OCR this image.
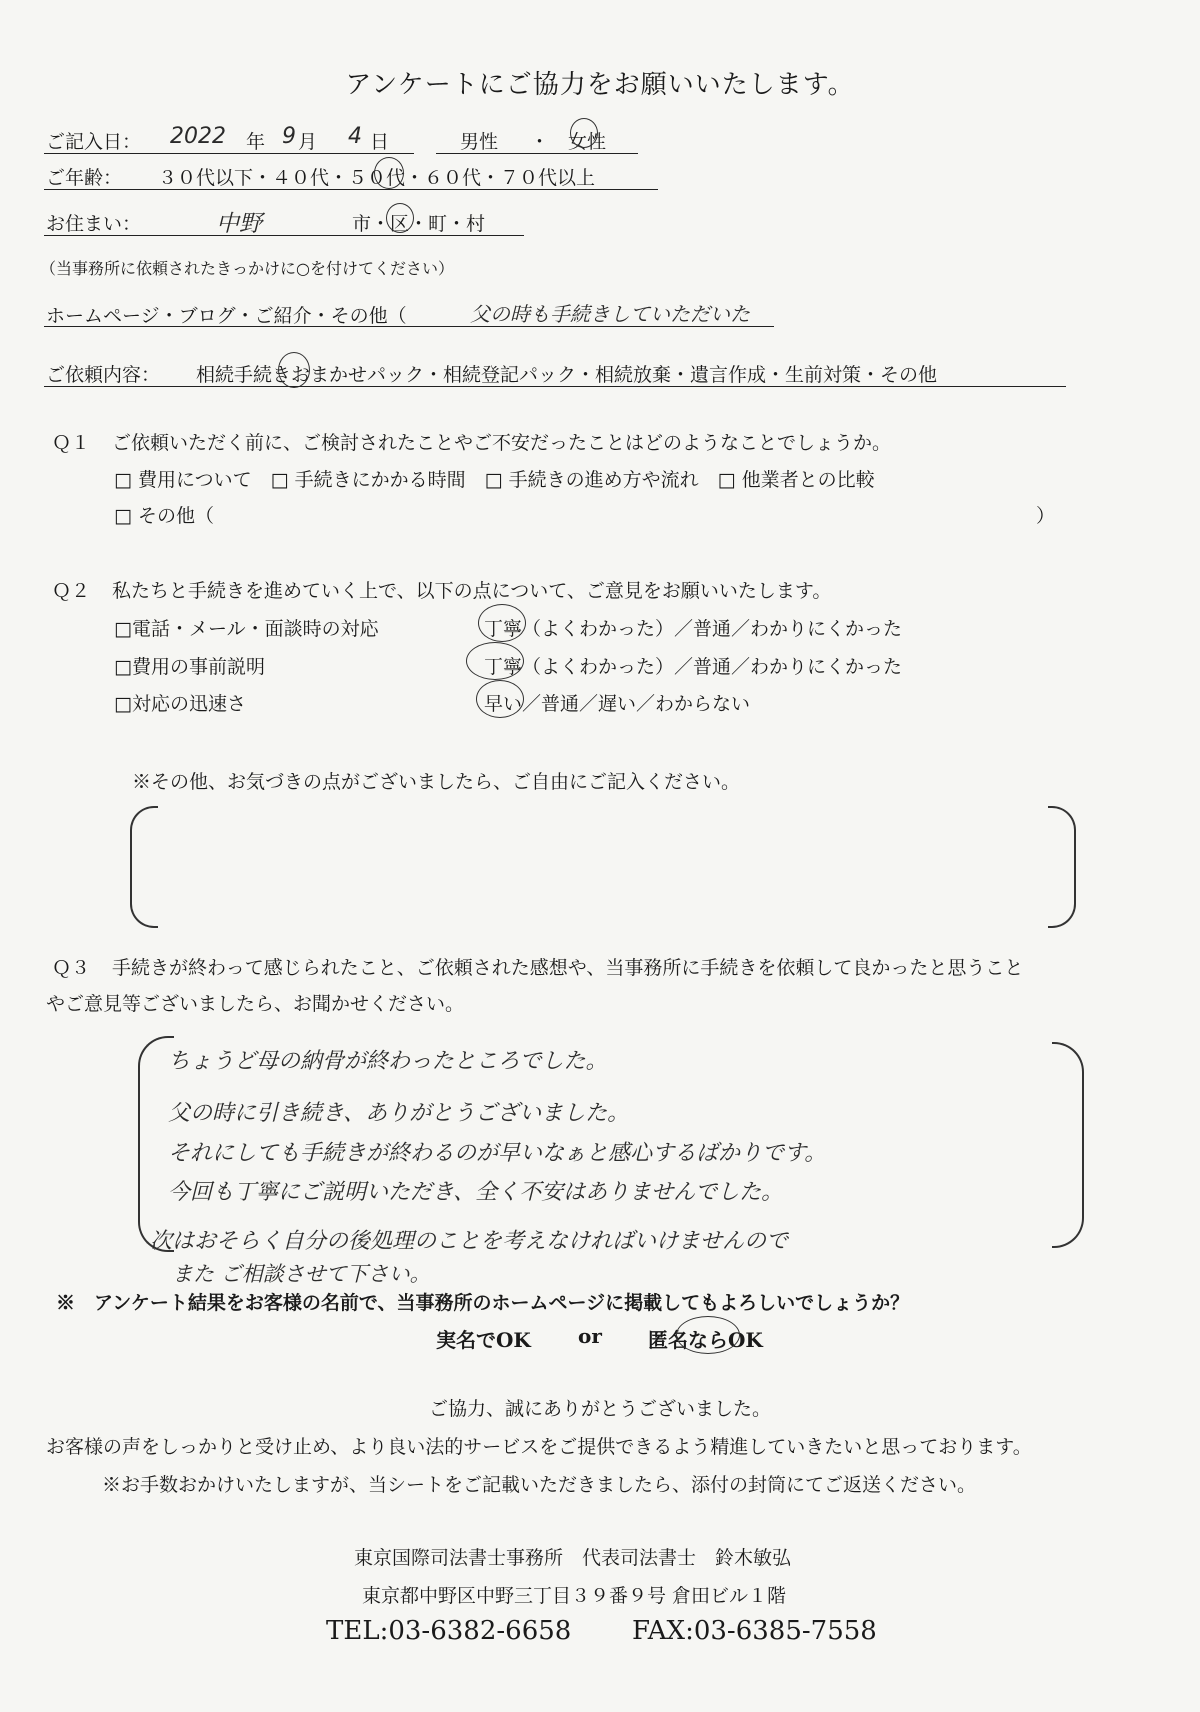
アンケートにご協力をお願いいたします。
ご記入日： 2022 年 9 月 4 日	男性 ・ 女性
ご年齢： ３０代以下・４０代・５０代・６０代・７０代以上
お住まい：	中野	市・区・町・村
（当事務所に依頼されたきっかけに○を付けてください）
ホームページ・ブログ・ご紹介・その他（	父の時も手続きしていただいた
ご依頼内容： 相続手続きおまかせパック・相続登記パック・相続放棄・遺言作成・生前対策・その他
Ｑ１ ご依頼いただく前に、ご検討されたことやご不安だったことはどのようなことでしょうか。
□ 費用について　□ 手続きにかかる時間　□ 手続きの進め方や流れ　□ 他業者との比較
□ その他（	）
Ｑ２ 私たちと手続きを進めていく上で、以下の点について、ご意見をお願いいたします。
□電話・メール・面談時の対応	丁寧（よくわかった）／普通／わかりにくかった
□費用の事前説明	丁寧（よくわかった）／普通／わかりにくかった
□対応の迅速さ	早い／普通／遅い／わからない
※その他、お気づきの点がございましたら、ご自由にご記入ください。
Ｑ３ 手続きが終わって感じられたこと、ご依頼された感想や、当事務所に手続きを依頼して良かったと思うこと
やご意見等ございましたら、お聞かせください。
ちょうど母の納骨が終わったところでした。
父の時に引き続き、ありがとうございました。
それにしても手続きが終わるのが早いなぁと感心するばかりです。
今回も丁寧にご説明いただき、全く不安はありませんでした。
次はおそらく自分の後処理のことを考えなければいけませんので
また ご相談させて下さい。
※　アンケート結果をお客様の名前で、当事務所のホームページに掲載してもよろしいでしょうか？
実名でOK or 匿名ならOK
ご協力、誠にありがとうございました。
お客様の声をしっかりと受け止め、より良い法的サービスをご提供できるよう精進していきたいと思っております。
※お手数おかけいたしますが、当シートをご記載いただきましたら、添付の封筒にてご返送ください。
東京国際司法書士事務所　代表司法書士　鈴木敏弘
東京都中野区中野三丁目３９番９号 倉田ビル１階
TEL:03-6382-6658 FAX:03-6385-7558
